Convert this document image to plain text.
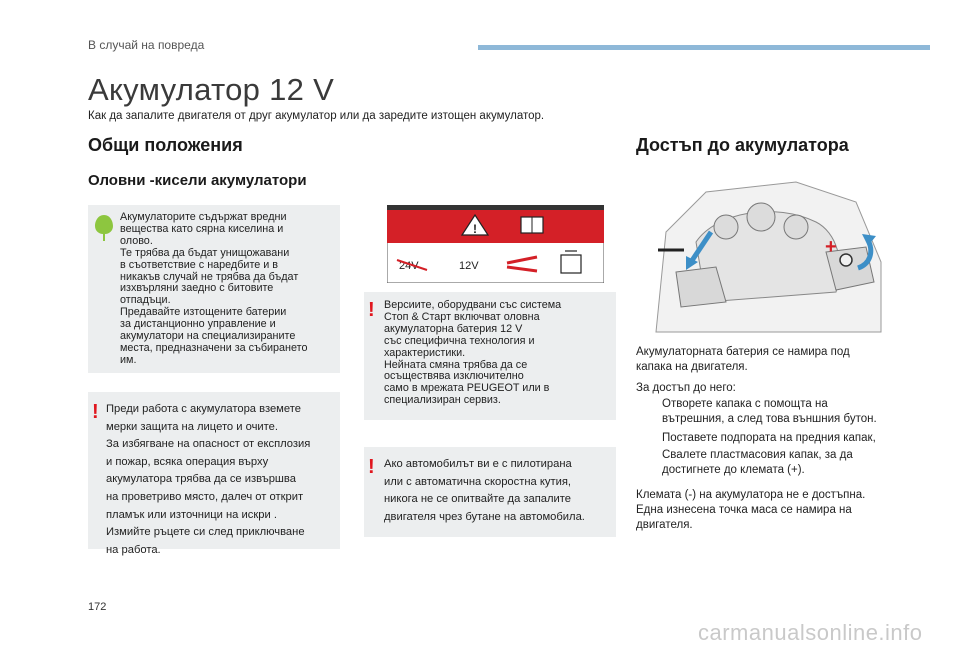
В случай на повреда
Акумулатор 12 V
Как да запалите двигателя от друг акумулатор или да заредите изтощен акумулатор.
Общи положения
Оловни -кисели акумулатори
Акумулаторите съдържат вредни
вещества като сярна киселина и
олово.
Те трябва да бъдат унищожавани
в съответствие с наредбите и в
никакъв случай не трябва да бъдат
изхвърляни заедно с битовите
отпадъци.
Предавайте изтощените батерии
за дистанционно управление и
акумулатори на специализираните
места, предназначени за събирането
им.
! Преди работа с акумулатора вземете
мерки защита на лицето и очите.
За избягване на опасност от експлозия
и пожар, всяка операция върху
акумулатора трябва да се извършва
на проветриво място, далеч от открит
пламък или източници на искри .
Измийте ръцете си след приключване
на работа.
!
24V	12V
! Версиите, оборудвани със система
Стоп & Старт включват оловна
акумулаторна батерия 12 V
със специфична технология и
характеристики.
Нейната смяна трябва да се
осъществява изключително
само в мрежата PEUGEOT или в
специализиран сервиз.
! Ако автомобилът ви е с пилотирана
или с автоматична скоростна кутия,
никога не се опитвайте да запалите
двигателя чрез бутане на автомобила.
Достъп до акумулатора
+
Акумулаторната батерия се намира под
капака на двигателя.
За достъп до него:
Отворете капака с помощта на
вътрешния, а след това външния бутон.
Поставете подпората на предния капак,
Свалете пластмасовия капак, за да
достигнете до клемата (+).
Клемата (-) на акумулатора не е достъпна.
Една изнесена точка маса се намира на
двигателя.
172
carmanualsonline.info
